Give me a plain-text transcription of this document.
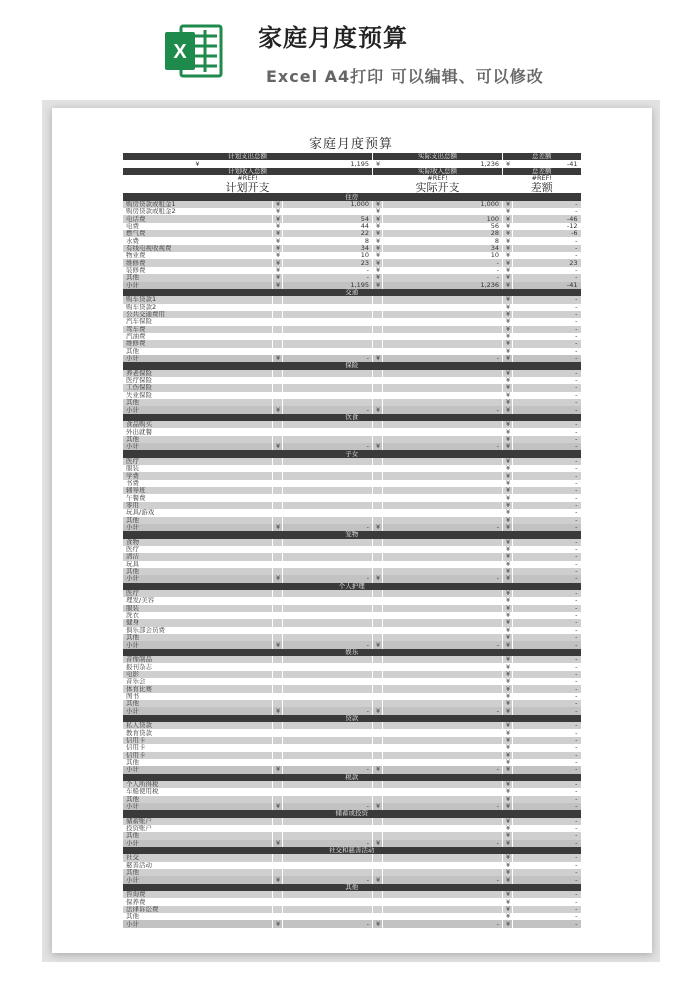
X	家庭月度预算
Excel A4打印 可以编辑、可以修改
家庭月度预算
计划支出总额			实际支出总额		总差额	
¥		1,195	¥	1,236	¥	-41
计划收入总额			实际收入总额		总差额	
#REF!			#REF!		#REF!	
计划开支			实际开支		差额	
住房						
购房贷款或租金1	¥	1,000	¥	1,000	¥	-
购房贷款或租金2	¥		¥		¥	-
电话费	¥	54	¥	100	¥	-46
电费	¥	44	¥	56	¥	-12
燃气费	¥	22	¥	28	¥	-6
水费	¥	8	¥	8	¥	-
有线电视收视费	¥	34	¥	34	¥	-
物业费	¥	10	¥	10	¥	-
维修费	¥	23	¥	-	¥	23
装修费	¥	-	¥	-	¥	-
其他	¥	-	¥	-	¥	-
小计	¥	1,195	¥	1,236	¥	-41
交通						
购车贷款1					¥	-
购车贷款2					¥	-
公共交通费用					¥	-
汽车保险					¥	-
驾车费					¥	-
汽油费					¥	-
维修费					¥	-
其他					¥	-
小计	¥	-	¥	-	¥	-
保险						
养老保险					¥	-
医疗保险					¥	-
工伤保险					¥	-
失业保险					¥	-
其他					¥	-
小计	¥	-	¥	-	¥	-
饮食						
食品购买					¥	-
外出就餐					¥	-
其他					¥	-
小计	¥	-	¥	-	¥	-
子女						
医疗					¥	-
服装					¥	-
学费					¥	-
书费					¥	-
辅导班					¥	-
午餐费					¥	-
零用					¥	-
玩具/游戏					¥	-
其他					¥	-
小计	¥	-	¥	-	¥	-
宠物						
食物					¥	-
医疗					¥	-
清洁					¥	-
玩具					¥	-
其他					¥	-
小计	¥	-	¥	-	¥	-
个人护理						
医疗					¥	-
理发/美容					¥	-
服装					¥	-
洗衣					¥	-
健身					¥	-
俱乐部会员费					¥	-
其他					¥	-
小计	¥	-	¥	-	¥	-
娱乐						
音像制品					¥	-
报刊杂志					¥	-
电影					¥	-
音乐会					¥	-
体育比赛					¥	-
图书					¥	-
其他					¥	-
小计	¥	-	¥	-	¥	-
贷款						
私人贷款					¥	-
教育贷款					¥	-
信用卡					¥	-
信用卡					¥	-
信用卡					¥	-
其他					¥	-
小计	¥	-	¥	-	¥	-
税款						
个人所得税					¥	-
车船使用税					¥	-
其他					¥	-
小计	¥	-	¥	-	¥	-
储蓄或投资						
储蓄账户					¥	-
投资账户					¥	-
其他					¥	-
小计	¥	-	¥	-	¥	-
社交和慈善活动						
社交					¥	-
慈善活动					¥	-
其他					¥	-
小计	¥	-	¥	-	¥	-
其他						
咨询费					¥	-
保养费					¥	-
法律诉讼费					¥	-
其他					¥	-
小计	¥	-	¥	-	¥	-
